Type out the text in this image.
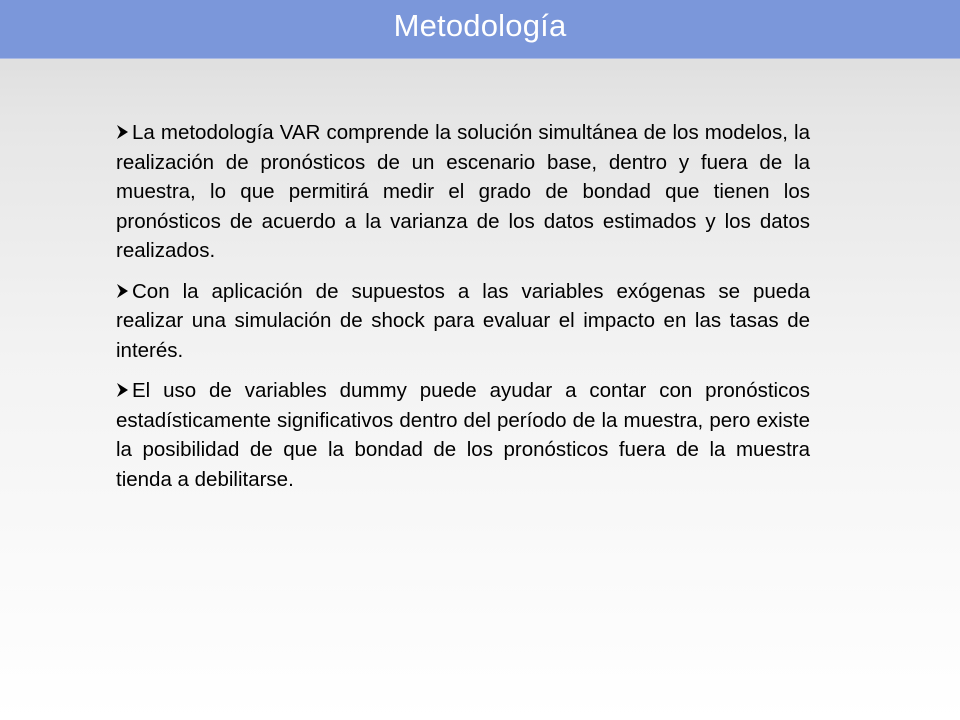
Metodología

La metodología VAR comprende la solución simultánea de los modelos, la realización de pronósticos de un escenario base, dentro y fuera de la muestra, lo que permitirá medir el grado de bondad que tienen los pronósticos de acuerdo a la varianza de los datos estimados y los datos realizados.

Con la aplicación de supuestos a las variables exógenas se pueda realizar una simulación de shock para evaluar el impacto en las tasas de interés.

El uso de variables dummy puede ayudar a contar con pronósticos estadísticamente significativos dentro del período de la muestra, pero existe la posibilidad de que la bondad de los pronósticos fuera de la muestra tienda a debilitarse.
